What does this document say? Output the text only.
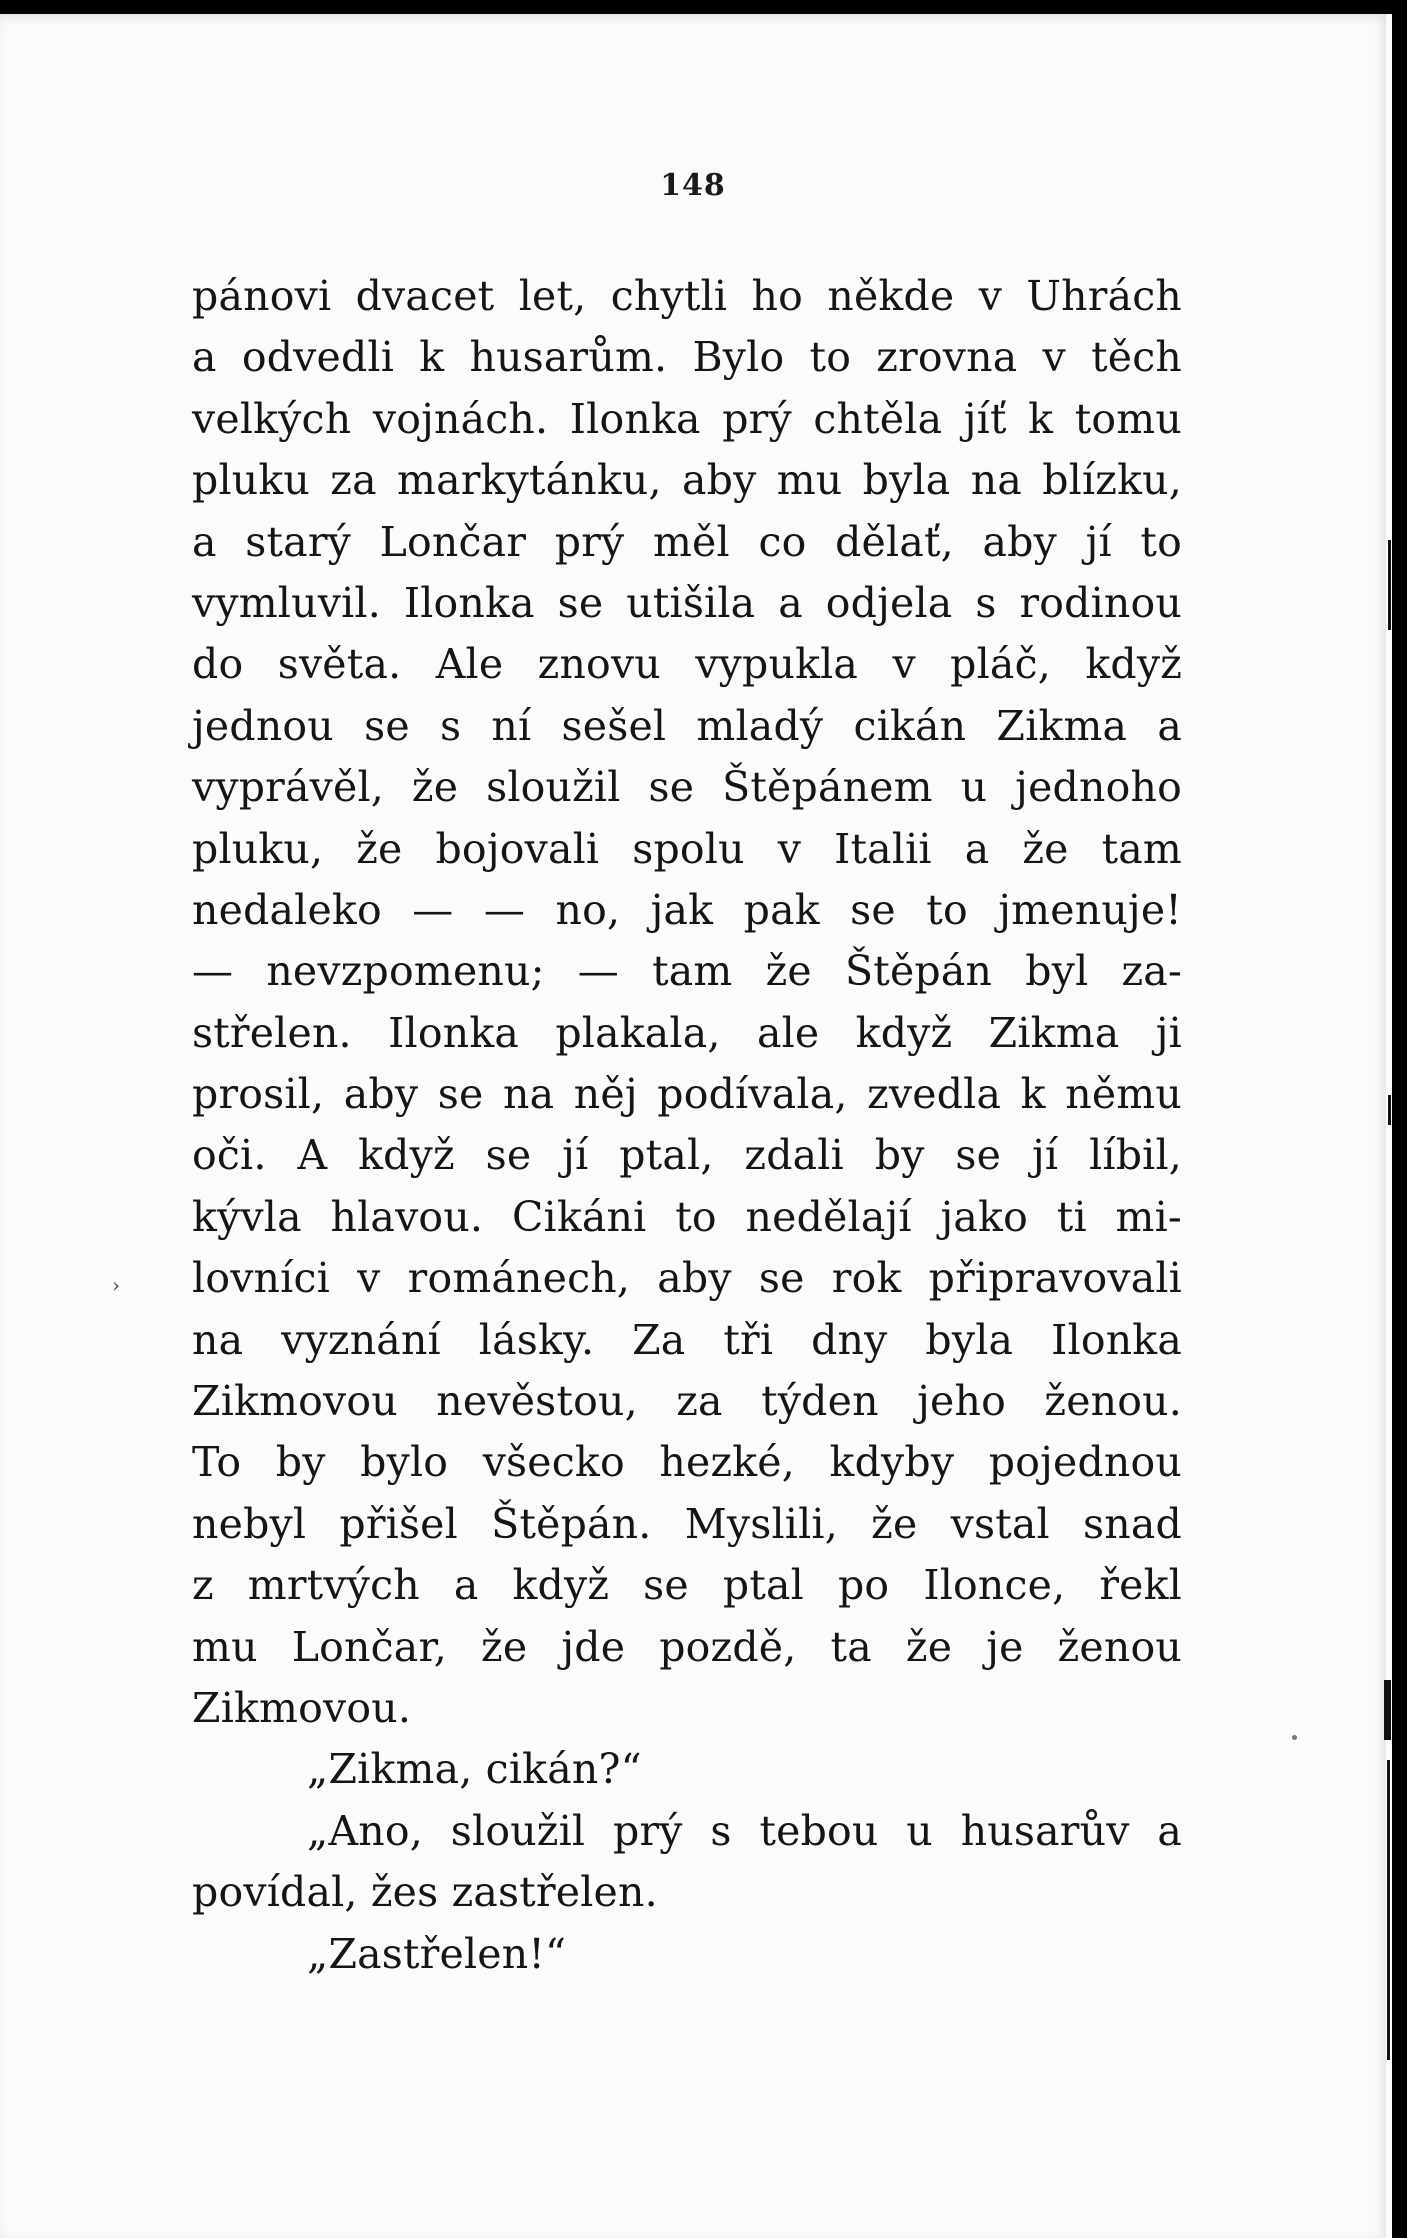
148
›
pánovi dvacet let, chytli ho někde v Uhrách
a odvedli k husarům. Bylo to zrovna v těch
velkých vojnách. Ilonka prý chtěla jíť k tomu
pluku za markytánku, aby mu byla na blízku,
a starý Lončar prý měl co dělať, aby jí to
vymluvil. Ilonka se utišila a odjela s rodinou
do světa. Ale znovu vypukla v pláč, když
jednou se s ní sešel mladý cikán Zikma a
vyprávěl, že sloužil se Štěpánem u jednoho
pluku, že bojovali spolu v Italii a že tam
nedaleko — — no, jak pak se to jmenuje!
— nevzpomenu; — tam že Štěpán byl za-
střelen. Ilonka plakala, ale když Zikma ji
prosil, aby se na něj podívala, zvedla k němu
oči. A když se jí ptal, zdali by se jí líbil,
kývla hlavou. Cikáni to nedělají jako ti mi-
lovníci v románech, aby se rok připravovali
na vyznání lásky. Za tři dny byla Ilonka
Zikmovou nevěstou, za týden jeho ženou.
To by bylo všecko hezké, kdyby pojednou
nebyl přišel Štěpán. Myslili, že vstal snad
z mrtvých a když se ptal po Ilonce, řekl
mu Lončar, že jde pozdě, ta že je ženou
Zikmovou.
„Zikma, cikán?“
„Ano, sloužil prý s tebou u husarův a
povídal, žes zastřelen.
„Zastřelen!“
